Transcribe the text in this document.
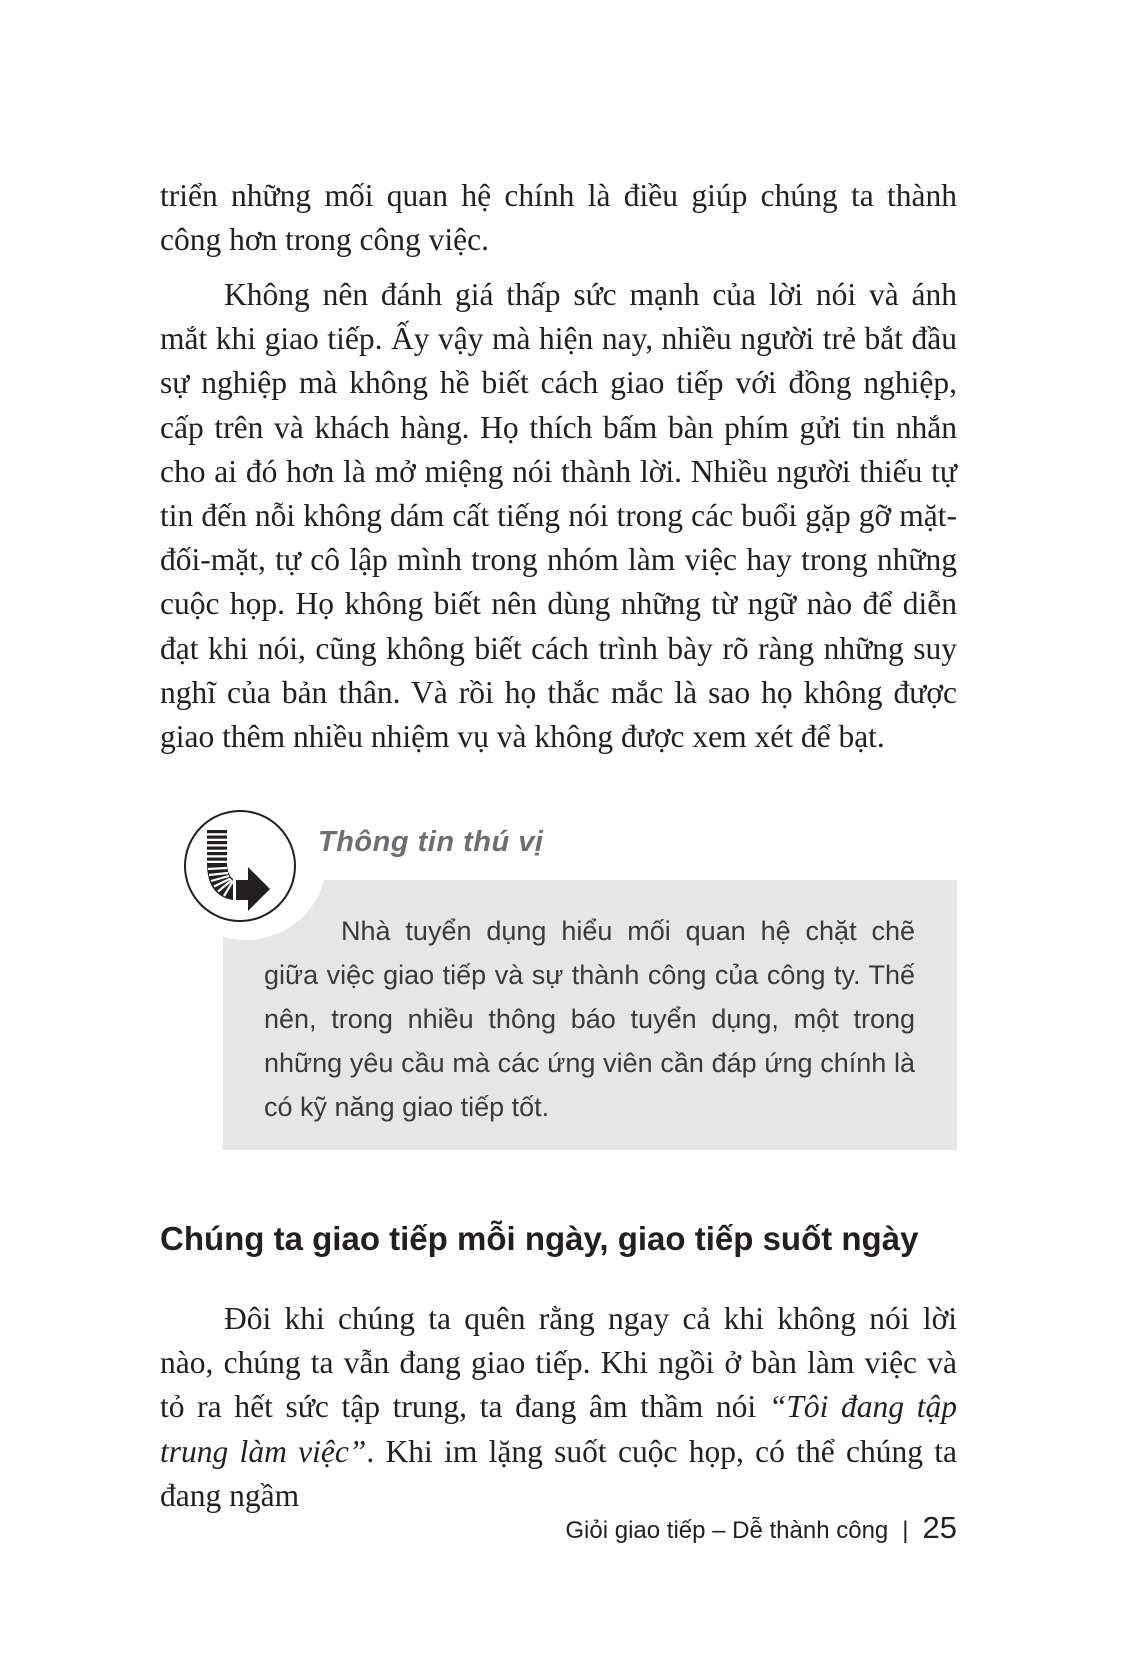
triển những mối quan hệ chính là điều giúp chúng ta thành công hơn trong công việc.

Không nên đánh giá thấp sức mạnh của lời nói và ánh mắt khi giao tiếp. Ấy vậy mà hiện nay, nhiều người trẻ bắt đầu sự nghiệp mà không hề biết cách giao tiếp với đồng nghiệp, cấp trên và khách hàng. Họ thích bấm bàn phím gửi tin nhắn cho ai đó hơn là mở miệng nói thành lời. Nhiều người thiếu tự tin đến nỗi không dám cất tiếng nói trong các buổi gặp gỡ mặt-đối-mặt, tự cô lập mình trong nhóm làm việc hay trong những cuộc họp. Họ không biết nên dùng những từ ngữ nào để diễn đạt khi nói, cũng không biết cách trình bày rõ ràng những suy nghĩ của bản thân. Và rồi họ thắc mắc là sao họ không được giao thêm nhiều nhiệm vụ và không được xem xét để bạt.

Thông tin thú vị

Nhà tuyển dụng hiểu mối quan hệ chặt chẽ giữa việc giao tiếp và sự thành công của công ty. Thế nên, trong nhiều thông báo tuyển dụng, một trong những yêu cầu mà các ứng viên cần đáp ứng chính là có kỹ năng giao tiếp tốt.

Chúng ta giao tiếp mỗi ngày, giao tiếp suốt ngày

Đôi khi chúng ta quên rằng ngay cả khi không nói lời nào, chúng ta vẫn đang giao tiếp. Khi ngồi ở bàn làm việc và tỏ ra hết sức tập trung, ta đang âm thầm nói “Tôi đang tập trung làm việc”. Khi im lặng suốt cuộc họp, có thể chúng ta đang ngầm

Giỏi giao tiếp – Dễ thành công | 25
